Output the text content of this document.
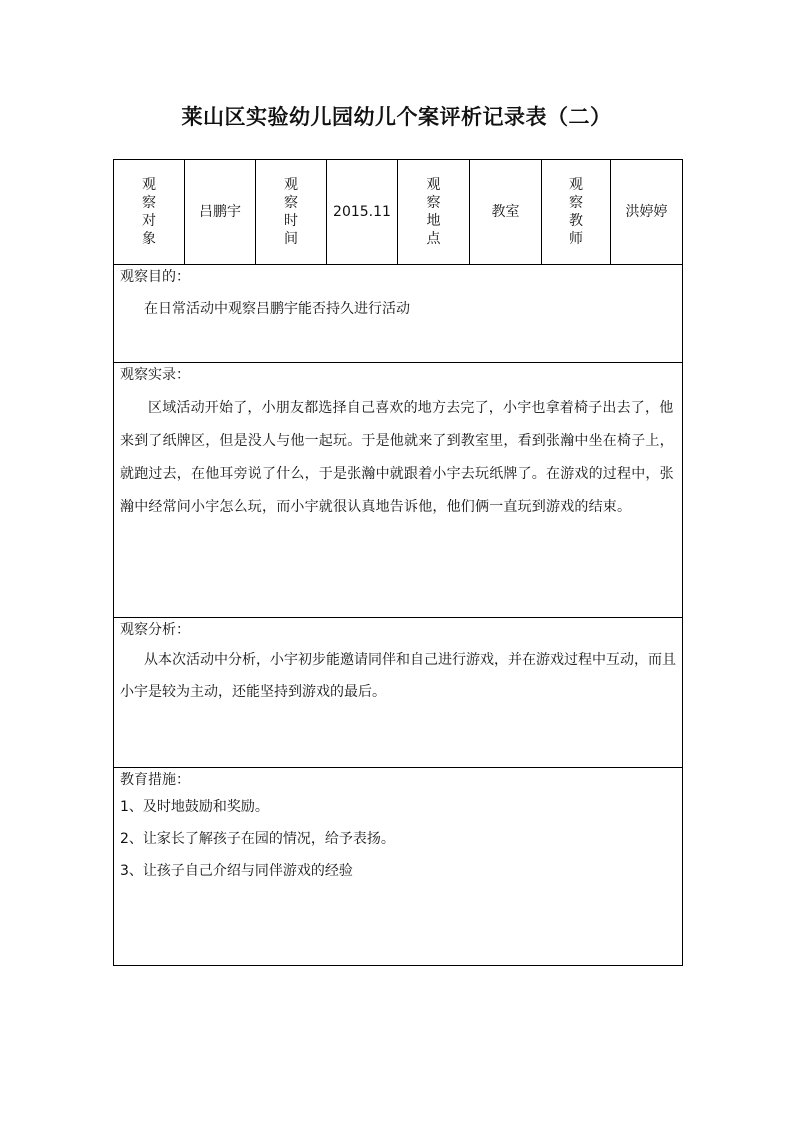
莱山区实验幼儿园幼儿个案评析记录表（二）
观 察
对 象
	吕鹏宇	
观 察
时 间
	2015.11	
观 察
地 点
	教室	
观 察
教 师
	洪婷婷

观察目的：
在日常活动中观察吕鹏宇能否持久进行活动

观察实录：
区域活动开始了，小朋友都选择自己喜欢的地方去完了，小宇也拿着椅子出去了，他来到了纸牌区，但是没人与他一起玩。于是他就来了到教室里，看到张瀚中坐在椅子上，就跑过去，在他耳旁说了什么，于是张瀚中就跟着小宇去玩纸牌了。在游戏的过程中，张瀚中经常问小宇怎么玩，而小宇就很认真地告诉他，他们俩一直玩到游戏的结束。

观察分析：
从本次活动中分析，小宇初步能邀请同伴和自己进行游戏，并在游戏过程中互动，而且小宇是较为主动，还能坚持到游戏的最后。

教育措施：
1、及时地鼓励和奖励。
2、让家长了解孩子在园的情况，给予表扬。
3、让孩子自己介绍与同伴游戏的经验
